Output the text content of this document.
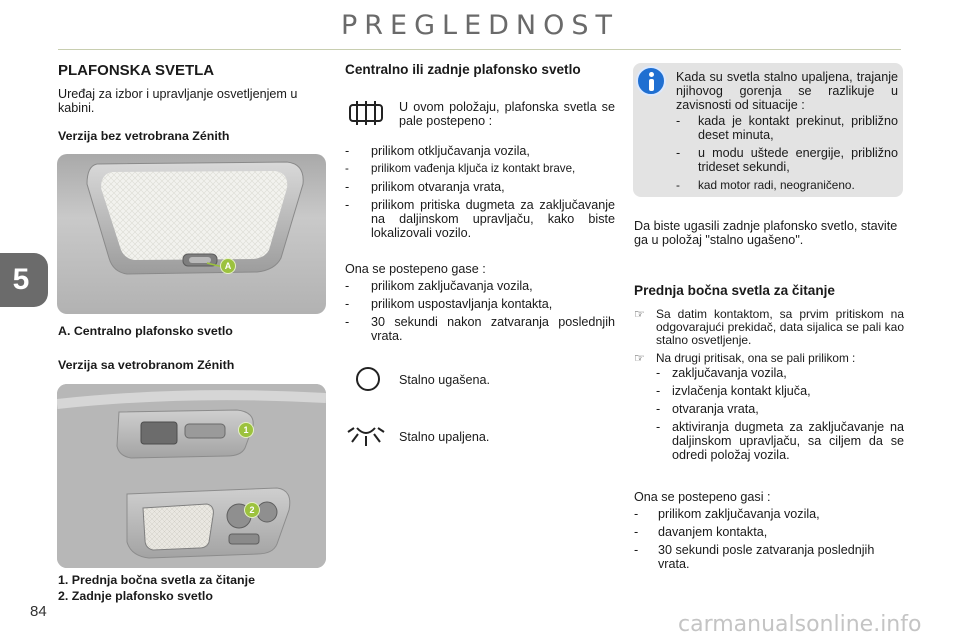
PREGLEDNOST
5
84
PLAFONSKA SVETLA
Uređaj za izbor i upravljanje osvetljenjem u kabini.
Verzija bez vetrobrana Zénith
A
A. Centralno plafonsko svetlo
Verzija sa vetrobranom Zénith
1
2
1. Prednja bočna svetla za čitanje
2. Zadnje plafonsko svetlo
Centralno ili zadnje plafonsko svetlo
U ovom položaju, plafonska svetla se pale postepeno :
- prilikom otključavanja vozila,
- prilikom vađenja ključa iz kontakt brave,
- prilikom otvaranja vrata,
- prilikom pritiska dugmeta za zaključavanje na daljinskom upravljaču, kako biste lokalizovali vozilo.
Ona se postepeno gase :
- prilikom zaključavanja vozila,
- prilikom uspostavljanja kontakta,
- 30 sekundi nakon zatvaranja poslednjih vrata.
Stalno ugašena.
Stalno upaljena.
Kada su svetla stalno upaljena, trajanje njihovog gorenja se razlikuje u zavisnosti od situacije :
- kada je kontakt prekinut, približno deset minuta,
- u modu uštede energije, približno trideset sekundi,
- kad motor radi, neograničeno.
Da biste ugasili zadnje plafonsko svetlo, stavite ga u položaj "stalno ugašeno".
Prednja bočna svetla za čitanje
☞ Sa datim kontaktom, sa prvim pritiskom na odgovarajući prekidač, data sijalica se pali kao stalno osvetljenje.
☞ Na drugi pritisak, ona se pali prilikom :
- zaključavanja vozila,
- izvlačenja kontakt ključa,
- otvaranja vrata,
- aktiviranja dugmeta za zaključavanje na daljinskom upravljaču, sa ciljem da se odredi položaj vozila.
Ona se postepeno gasi :
- prilikom zaključavanja vozila,
- davanjem kontakta,
- 30 sekundi posle zatvaranja poslednjih vrata.
carmanualsonline.info
